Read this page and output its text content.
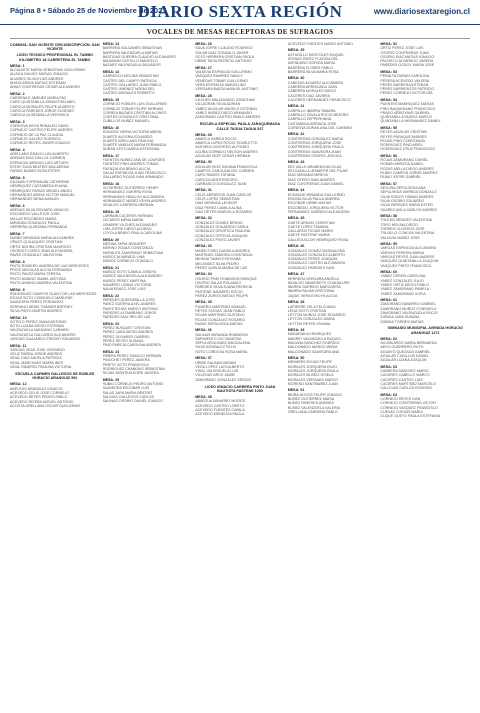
Página 8 • Sábado 25 de Noviembre de 2023
DIARIO SEXTA REGIÓN	www.diariosextaregion.cl
VOCALES DE MESAS RECEPTORAS DE SUFRAGIOS
COMUNA: SAN VICENTE CIRCUNSCRIPCIÓN: SAN VICENTE
LICEO TECNICO PROFESIONAL EL TAMBO KILOMETRO 18 CARRETERA EL TAMBO
MESA: 1
ALCAIASTE MARIA SEBASTIAN GUILLERMO
ALIAGA GALVEZ MATIAS IGNACIO
ALVAREZ SILVA ELIAS ANDRES
ARAYA ARAYA MATIAS ESTEBAN
ARIAS CONTRERAS CESAR ALEJANDRO
MESA: 2
CARDENAS JIMENEZ MARIA PAZ
CARO QUINTANILLA SEBASTIAN ABEL
CAROCA MORALES FELIPE ALBERTO
CAROCA PAREDES JORGE EUGENIO
CAROCA QUINTANILLA VERONICA
MESA: 3
CORDOVA MOYA RENALDO DAVID
CORNEJO CASTRO FELIPE ANDRES
CORNEJO DE LA PAZ CLAUDIA
CORNEJO GALVEZ RODRIGO
CORNEJO REYES JAVIER IGNACIO
MESA: 4
ARELLANO BRAVO LUIS ALBERTO
ARENAS DIAZ DALLOL CARMEN
ESPINOZA VARGAS LUIS ARTURO
ESTAY SILVA BEATRIZ MACARENA
FARIAS NUÑEZ ROSA ESTER
MESA: 5
GUZMAN TORREALBA CATHERINE
HENRIQUEZ CASTAÑEDA ELIANA
HENRIQUEZ FARIAS MIGUEL ANGEL
HERNANDEZ ARAYA VICTOR MANUEL
HERNANDEZ MENA MANUEL
MESA: 6
ARENAS SILVA RICHARD IGNACIO
ESCOBEDO VALLEJOS JOSE
MILLAS ESCOBEDO MARIA
MIRANDA GONZALEZ PAOLA
HERRERA QUINTANA FERNANDA
MESA: 7
NUÑEZ MIRANDA MARIA ALEJANDRA
OPAZO QUILAQUEO CRISTIAN
ORTIZ NOHRA CRISTIAN MAURICIO
OSORIO FLORES JEAN ALEXANDRA
PAVEZ GONZALEZ VALENTINA
MESA: 8
PINTO ROMERO ANDREA DE LAS MERCEDES
PRICE MAYOLAS ALICIA FERNANDA
PINTO PAVEZ MARIA TERESA
PINTO ANDINO ISABEL ANTONIA
PINTO ANDINO ANDREA VALENTINA
MESA: 9
RODRIGUEZ CAMPOS GLADY DE LAS MERCEDES
ROJAS SOTO CONSUELO MARLENE
SAAVEDRA PEREZ FERNANDO
SERRANO ARIAS THAINER BRITNEY
SILVA PINTO MARTIN ANDRES
MESA: 10
SOTELO PEREZ DIANA ANTONIO
SOTO LIZANA DIEGO ESTEBAN
VALENZUELA MANZANO CARMEN
VALENZUELA GALLARDO ALEJANDRO
VARGAS GUAJARDO FREDDY EDUARDO
MESA: 11
VARGAS VEAS JOSE GERARDO
VELIZ PARRA JORGE ANDRES
VIDAL DIAZ ANGELA PATRICIA
VIDAL MARCHANT MARIA INES
VIDAL RAMIREZ PAULINA VICTORIA
ESCUELA CARMEN GALLEGOS DE ROBLES HORACIO ARANGUIZ 992
MESA: 12
ABELEDO ARANGUIZ IGNACIO
ACEVEDO CELIS JOSE CORNELIO
ACEVEDO REYES PEDRO PABLO
ACEVEDO RIVERA MIGUEL ANTONIO
ACOSTA ORELLANA OSCAR GUILLERMO
MESA: 13
BARRERA GALDAMES SEBASTIAN
BARRERA VALENZUELA MATIAS
BASTIDAS GUERRA CLAUDIO ALEJANDRO
BAUMANN CASTILLO MARCELO
BAZAES VALENZUELA SALVADOR
MESA: 14
CARRASCO MOLINA SEBASTIAN
CASTRO DEL CAMPO PATRICIA
CASTRO GALLARDO JUAN PABLO
CASTRO JIMENEZ NOEMI DEL
CASTRO MORALES ROBERTO
MESA: 15
CORNEJO ROBLES LUIS GUILLERMO
CORNEJO TOBAR FELIPE HERNAN
CORREA BAZAES CRISTIAN ALONSO
CORTES GONZALEZ CRISTOBAL
CUBILLOS NUÑEZ MANUEL
MESA: 16
DONOSO VIEIRA VICTORIA MARIA
DUARTE ALEGRIA EDUARDO
DUARTE ARELLANO PAULINA
DUARTE VARGAS MARIA FERNANDA
DURAN SOTO MARIA ESTEFANIA
MESA: 17
FUENTES NUÑEZ ANA DE LOURDES
FUENTES PINO ANDRES TOMAS
FUENZALIDA BRAVO ALICIA
GALAZ ESPINOZA JUAN FRANCISCO
GALLARDO ROJAS IVAN ARMANDO
MESA: 18
GUTIERREZ GUTIERREZ HENRY
HERNANDEZ GUERRA ROSA
HERNANDEZ HIDALGO ALEJANDRA
HERNANDEZ NUÑEZ KEVIN ANDRES
HIDALGO CARRERA HERNAN
MESA: 19
LARRAIN CACERES HERNAN
LECAROS MENA MARIA
LEMAIRE VILCHES ALEJANDRO
LIRA JOFRE DIEGO ALONSO
LOYOLA BRAVO PAULA CAROLINA
MESA: 20
MEDINA TAPIA JENNIFER
MERINO ROJAS CONSTANZA
MORALES ZAMORANO SEBASTIAN
MUÑOZ ALVARADO LINA
MUÑOZ CORNEJO GONZALO
MESA: 21
MUÑOZ SOTO CAMILA JOSEFA
MUÑOZ VALENZUELA ALEJANDRO
MUÑOZ PEREZ MARTINA
NAVARRO LIZANA VICTORIA
NAVIA ERAZO JOSE LUIS
MESA: 22
PAREDES QUERUBALLA JOSE
PAVEZ GUERRA AXEL ANDRES
PAVEZ ROJAS MARCO ANTONIO
PAREDES ALTAMIRANO JORGE
PAREDES DIAZ IRIS DE LAS
MESA: 23
PEREZ BUSQUET CRISTIAN
PEREZ LARA DIEGO ANDRES
PEREZ OLIVARES GABRIEL
PEREZ REYES SUSANA
PINO PAREJA CAROLINA ANDREA
MESA: 24
PIÑERA PEREZ IGNACIO HERNAN
PINOCHET PEREZ JAVIERA
PRIETO SOTO FRANCISCA
RODRIGUEZ CHANDÍAS SEBASTIAN
ROJAS MONTEALEGRE JAVIERA
MESA: 25
RUBIO CORNEJO PEDRO ANTONIO
SAAVEDRA ESCOBAR LUIS
SALAS JARA MARIA BEATRIZ
SALDIAS GALLEGOS CARLOS
SALINAS OSORIO DANIEL IGNACIO
MESA: 26
SILVA JOFRE CLAUDIO RODRIGO
SOLAR DIAZ GONZALO JAVIER
SOTO HERRERA CRISTIAN PAOLA
URIBE TAPIA PATRICIO ANTONIO
MESA: 27
VALDIVIA ESPINOZA GUILLERMO
VASQUEZ RAMIREZ NANCY
VENEGAS TOBAR GUILLERMO
VERA ESPINOZA MARCELINO
VERGARA BAEZA MANUEL ANTONIO
MESA: 28
VILCHES MALDONADO JONATHAN
VILLAGRAN SILVA ADRIAN
YAÑEZ AGUILAR ANGELO ESTEBAN
YAÑEZ NUÑEZ DIEGO ARMANDO
ZAMORANO CASTRO PABLO ANDRES
ESCUELA ESPECIAL PAULA JARAQUEMADA CALLE TAGUA TAGUA 527
MESA: 29
ABARCA HARIKA ROCIO
ABARCA LOPEZ ROCIO SCARLETTE
ACEVEDO ACEVEDO ALFONSO
ACUÑA CORNEJO NELSON ANDRES
AGUILAR ISOR CESAR HERNAN
MESA: 30
AGUILAR ISOR DAYANA FRANCISCA
CAMPOS CAROLINA DEL CARMEN
CARO RAMOS TATIANA
CAROCA MONTENEGRO
CARRASCO GONZALEZ JUAN
MESA: 31
CELIS ARRIEROS JUAN CARLOS
CELIS LOPEZ SEBASTIAN
DIAZ MIRANDA LEONOR
DIAZ PEREZ CAMILA ALINA
DIAZ REYES MARCELA ROSARIO
MESA: 32
GONZALEZ GOMEZ BRUNO
GONZALEZ GUAJARDO CARLA
GONZALEZ OROSTICA PAULINA
GONZALEZ ORTEGA JOAQUIN
GONZALEZ PINTO JAVIER
MESA: 33
MARIN TORO DANIELA ANDREA
MARTINEZ ZAMORA CONSTANZA
MEDINA TAMAYO ROXANA
MELENDEZ SILVA PEDRO
PEREZ QUINTA MARIA DE LAS
MESA: 34
OSORIO PINO ROBINSON ENRIQUE
OSORIO SALAS ROLANDO
PAREDES SILVA JUANA PATRICIA
PASTENE NAVARRO ROCIO
PEREZ ZURITA MATIAS FELIPE
MESA: 35
PIZARRO MARTINEZ MANUEL
REYES SOCIAS JUAN PABLO
ROJAS MARTINEZ GUSTAVO
ROJAS GONZALEZ ROSARIO
RUBIO SEPULVEDA MATIAS
MESA: 36
SALINAS MIRANDA ROBINSON
SARMIENTO CID VANESSA
SEPULVEDA BAEZ MAGDALENA
SILVA GONZALEZ FELIX
SOTO CORDOVA ROSA MARIA
MESA: 37
URIBE SALINAS MIRIAN
VEGA LOPEZ LUIS ALBERTO
VIDAL VALENZUELA LUIS
VILLEGAS ARCE JAIME
ZAMORANO GONZALEZ SERGIO
LICEO IGNACIO CARRERA PINTO JUAN BAUTISTA PASTENE 1050
MESA: 38
ABARZUA NAVARRO MOISES
ACEVEDO CASTRO LORETO
ACEVEDO FUENTES CAMILA
ACEVEDO MENDOZA PAULA
ACEVEDO FUENTES MARIO ANTONIO
MESA: 39
ASTUDILLO MOSTOLES RAQUEL
ATENAS PAVEZ PLACIDA DEL
AVENDAÑO GORIGA MARIA
BARRERA FLORES PABLO
BARRERA SILVA MARIA ROSA
MESA: 40
CABEZAS ALVAREZ ALEJANDRA
CABRERA ARRIAGADA JUAN
CABRERA MORALES DIEGO
CACERES DIAZ JAVIERA
CACERES HERNANDEZ FRANCISCO
MESA: 41
CARRILLO IBARRA TAMARA
CARRILLO ZAVALA ROCIO BEATRIZ
CARRILLO ZEPPERHANA
CASTAÑEDA ARRIAGA JOSE
CORDOVA DURAN ANA DEL CARMEN
MESA: 42
CONTRERAS GONZALEZ MARIA
CONTRERAS JORQUERA JOSE
CONTRERAS JORQUERA PAULA
CONTRERAS SAAVEDRA JUAN
CONTRERAS OSORIO JESSICA
MESA: 43
DEL VALLE ARANEDA NICOLAS
DELGADILLA JENNIFER DEL PILAR
DIAZ MIRANDA MIREYA
DIAZ OTERO IVAN ANDRES
DIAZ CONTRERAS JUAN DANIEL
MESA: 44
ECHAGUE MIRANDA GUILLERMO
ENCINA SILVA PAULA ANDREA
ESCOBAR URIBE MATIAS
ESCOBEDO JORQUERA VICTOR
FERNANDEZ GARRIDO ALEJANDRA
MESA: 45
GAETE ARMIJO CHRISTIAN
GAETE LOPEZ TAMARA
GALLARDO ROJAS MARIO
GAETE PASTENE MARIA
GALLEGUILLOS HENRIQUEZ ROSA
MESA: 46
GONZALEZ GOMEZ MAGDALENA
GONZALEZ GONZALEZ ALBERTO
GONZALEZ PEREZ JOAQUIN
GONZALEZ CASTRO ALEJANDRA
GONZALEZ PAREDES IVAN
MESA: 47
HERRERA VERGARA ANGELA
HIDALGO NAVARRETE GUADALUPE
IBARRA GARRIDO MARGARITA
IBARRA PALMA CRISTOBAL
JAQUE VERA EVELYN ALICIA
MESA: 48
LAPIERRE VELA FELICIANO
LEIVA SOTO CRISTIAN
LEYTON MUÑOZ JOSE EDUARDO
LEYTON GONZALEZ MARIA
LEYTON REYES VIVIANA
MESA: 49
MADARIAGA HENRIQUEZ
MADRID VALENZUELA RAQUEL
MAGAÑA SANCHEZ RODRIGO
MALDONADO MUÑOZ MARIA
MALDONADO SAAVEDRA ANA
MESA: 50
MENARES ROJAS FELIPE
MORALES JORQUERA ENZO
MORALES JORQUERA PAULA
MORALES MUÑOZ GISELA
MORALES VERGARA MARCO
MORENO SANTIBAÑEZ JUAN
MESA: 51
NEIRA HOYOS FELIPE IGNACIO
NUÑEZ GUTIERREZ MARIA
NUÑEZ PAREDES ANDREA
NUÑEZ VALENZUELA VALERIA
ORELLANA CARRERA PABLO
MESA: 52
ORTIZ PEREZ JOSE LUIS
OSORIO CONTRERAS JUAN
OSORIO DIAZ MATIAS IGNACIO
PACHECO ALVARADO JAVIERA
PAREDES GODOY MARIA JOSE
MESA: 53
PERALTA DURAN CAROLINA
PERERA ACEVEDO VALERIA
PEREZ BARRERA ESTEBAN
PEREZ BARRIENTOS PATRICIO
PEREZ CORNEJO VICTOR DEL
MESA: 54
PUENTES MANRIQUEZ MATIAS
PINO BAQUEDANO FRANCISCO
PRADO ARROYAVE GABRIEL
QUINTANILLA MUÑOZ MARCO
QUINTANILLA HERNANDEZ DANIEL
MESA: 55
REYES AGUILAR CRISTIAN
REYES PARAQUE ANDRES
ROJAS PINO CONSTANZA
RODRIGUEZ PINO ARIEL
RODRIGUEZ CRUZ FRANCISCO
MESA: 56
ROJAS ZAMORANO DANIEL
ROMAN ARRATIA DANIEL
ROZAS MELLA DIEGO ANDRES
RUBIO CAMPOS JORGE ANDRES
RUBIO JOFRE GABRIEL
MESA: 57
SEGURA SEPULVEDA ANA
SEPULVEDA VARRIDA GONZALO
SILVA GODOY FABIAN ANDRES
SILVA OSORIO EDUARDO
SILVA PAREDES MARIA ESTER
SUAREZ AVILA CARLOS ANDRES
MESA: 58
TOLEDO MENDEZ VALENTINA
TORO MOLINA DIEGO
TORRES OLIVEROS IVOR
TRUJILLO CONCHA VALENTINA
VALDIVIA NUÑEZ JOSE
MESA: 59
VARGAS ESPINOZA ALEJANDRA
VARGAS PEREIRA MARIA
VARGAS REYES JUAN ANDRES
VASQUEZ QUINTANILLA JOAQUIN
VASQUEZ PINTO FRANCISCO
MESA: 60
YAÑEZ CERON CAROLINA
YAÑEZ GONZALEZ JULIO
YAÑEZ ORTIZ DIEGO PABLO
YAÑEZ ZAMORANO PAMELA
YAÑEZ ZAMORANO SOFIA
MESA: 61
ZAMORANO NAVARRO GABRIEL
ZAMORANO MUÑOZ CONSUELO
ZAMORANO VALENZUELA ROCIO
ZUÑIGA JARA SUSANA
ZUÑIGA TORRES MATIAS
GIMNASIO MUNICIPAL AVENIDA HORACIO ARANGUIZ 1271
MESA: 62
ACUÑA ARCE MARIA BERNARDA
AEDO GUERRERO RUTH
AGUAYO QUEZADA GABRIEL
AGUILAR CUBILLOS DANIEL
AGUILAR LIZANA JOAQUIN
MESA: 63
CABRERA SANCHEZ MARIO
CACERES CABELLO MARCO
CACERES CASTRO LUIS
CACERES MARTINEZ MARCELO
CALLEJAS CARLOS RODRIGO
MESA: 64
CORNEJO REYES IVAN
CORNEJO CONTRERAS VICTOR
CORNEJO VASQUEZ FRANCISCO
CUEVAS CUEVAS MARIA
DUQUE GUSTO PAULA ESTEFANIA
